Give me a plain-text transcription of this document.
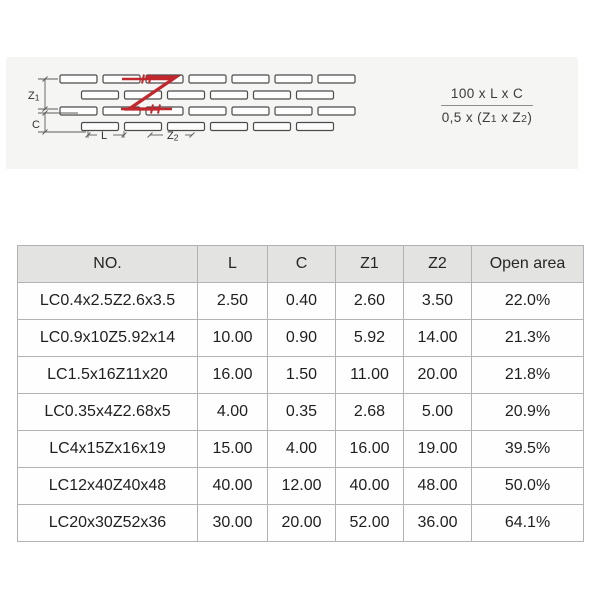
Z1
C
L	Z2
$\frac{\text{100 x L x C}}{\text{0,5 x (Z1 x Z2)}}$
NO.	L	C	Z1	Z2	Open area
LC0.4x2.5Z2.6x3.5	2.50	0.40	2.60	3.50	22.0%
LC0.9x10Z5.92x14	10.00	0.90	5.92	14.00	21.3%
LC1.5x16Z11x20	16.00	1.50	11.00	20.00	21.8%
LC0.35x4Z2.68x5	4.00	0.35	2.68	5.00	20.9%
LC4x15Zx16x19	15.00	4.00	16.00	19.00	39.5%
LC12x40Z40x48	40.00	12.00	40.00	48.00	50.0%
LC20x30Z52x36	30.00	20.00	52.00	36.00	64.1%
